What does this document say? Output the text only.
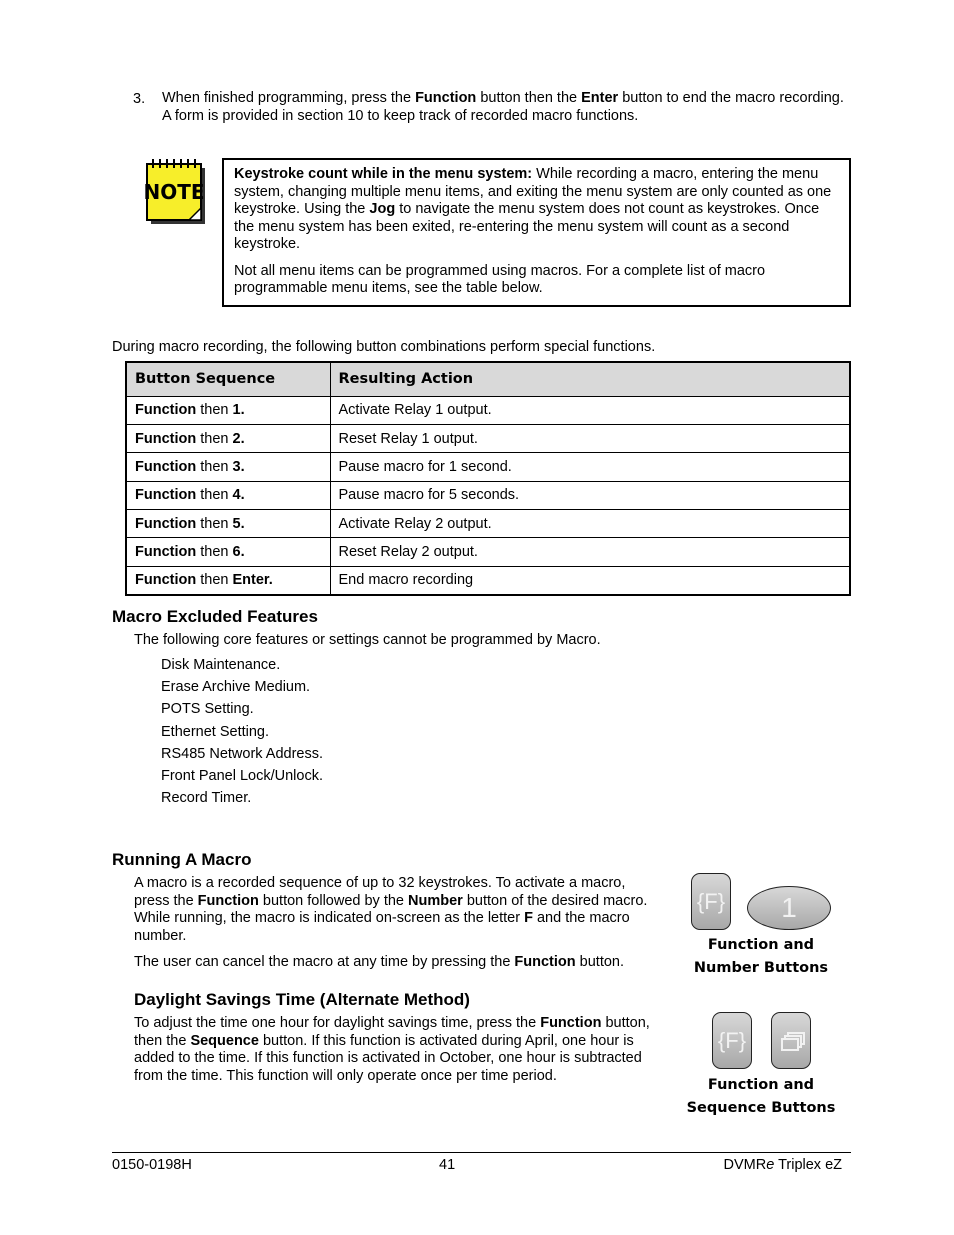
3. When finished programming, press the Function button then the Enter button to end the macro recording. A form is provided in section 10 to keep track of recorded macro functions.
NOTE

Keystroke count while in the menu system: While recording a macro, entering the menu system, changing multiple menu items, and exiting the menu system are only counted as one keystroke. Using the Jog to navigate the menu system does not count as keystrokes. Once the menu system has been exited, re-entering the menu system will count as a second keystroke.

Not all menu items can be programmed using macros. For a complete list of macro programmable menu items, see the table below.

During macro recording, the following button combinations perform special functions.
Button Sequence	Resulting Action
Function then 1.	Activate Relay 1 output.
Function then 2.	Reset Relay 1 output.
Function then 3.	Pause macro for 1 second.
Function then 4.	Pause macro for 5 seconds.
Function then 5.	Activate Relay 2 output.
Function then 6.	Reset Relay 2 output.
Function then Enter.	End macro recording
Macro Excluded Features
The following core features or settings cannot be programmed by Macro.
Disk Maintenance.
Erase Archive Medium.
POTS Setting.
Ethernet Setting.
RS485 Network Address.
Front Panel Lock/Unlock.
Record Timer.
Running A Macro

A macro is a recorded sequence of up to 32 keystrokes. To activate a macro, press the Function button followed by the Number button of the desired macro. While running, the macro is indicated on-screen as the letter F and the macro number.

The user can cancel the macro at any time by pressing the Function button.

{F}	1
Function and
Number Buttons
Daylight Savings Time (Alternate Method)
To adjust the time one hour for daylight savings time, press the Function button, then the Sequence button. If this function is activated during April, one hour is added to the time. If this function is activated in October, one hour is subtracted from the time. This function will only operate once per time period.
{F}
Function and
Sequence Buttons
0150-0198H	41	DVMRe Triplex eZ
